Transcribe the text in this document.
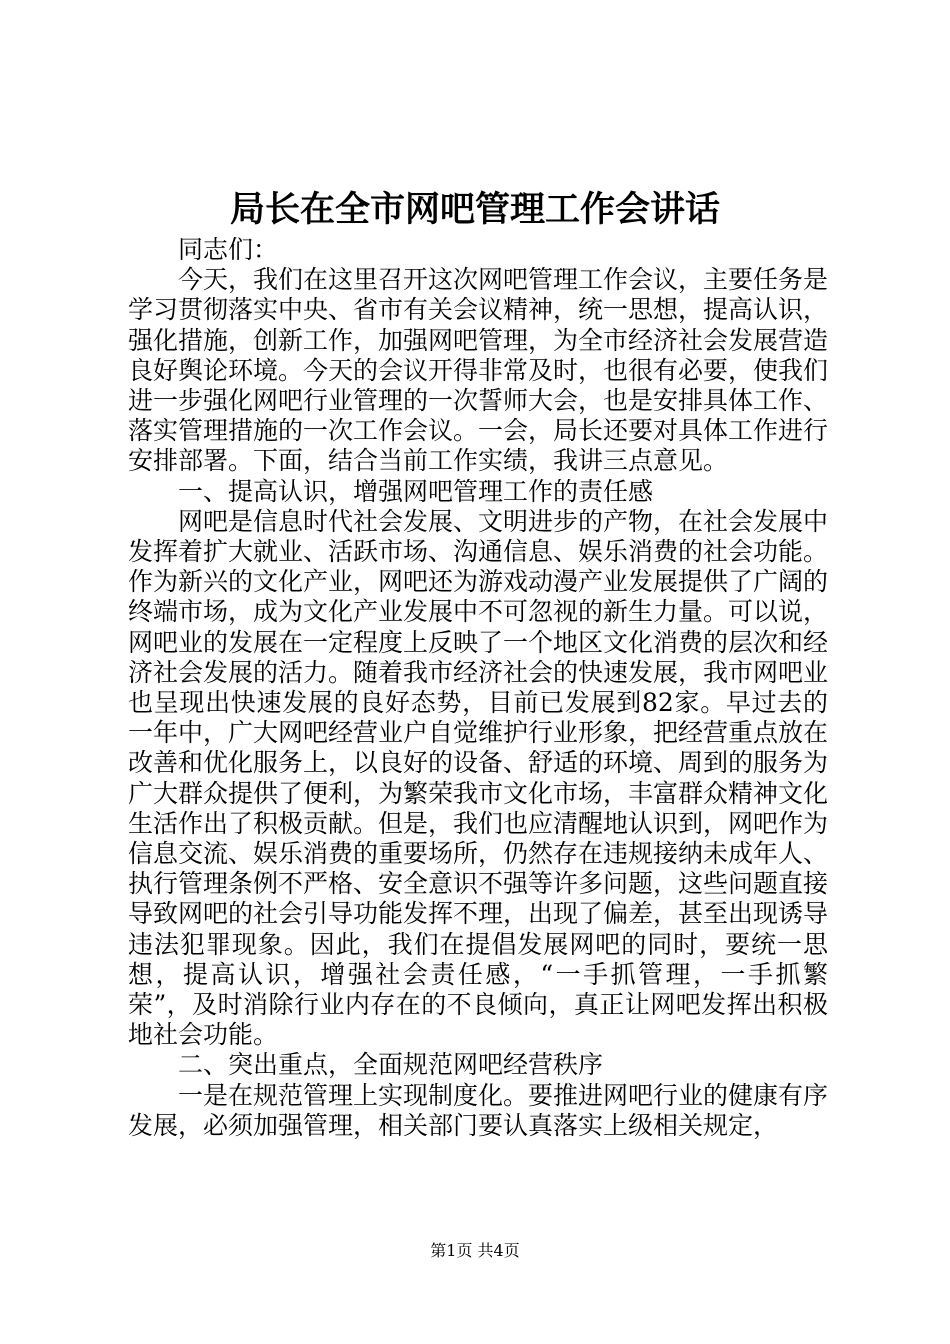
局长在全市网吧管理工作会讲话

同志们：

今天，我们在这里召开这次网吧管理工作会议，主要任务是学习贯彻落实中央、省市有关会议精神，统一思想，提高认识，强化措施，创新工作，加强网吧管理，为全市经济社会发展营造良好舆论环境。今天的会议开得非常及时，也很有必要，使我们进一步强化网吧行业管理的一次誓师大会，也是安排具体工作、落实管理措施的一次工作会议。一会，局长还要对具体工作进行安排部署。下面，结合当前工作实绩，我讲三点意见。

一、提高认识，增强网吧管理工作的责任感

网吧是信息时代社会发展、文明进步的产物，在社会发展中发挥着扩大就业、活跃市场、沟通信息、娱乐消费的社会功能。作为新兴的文化产业，网吧还为游戏动漫产业发展提供了广阔的终端市场，成为文化产业发展中不可忽视的新生力量。可以说，网吧业的发展在一定程度上反映了一个地区文化消费的层次和经济社会发展的活力。随着我市经济社会的快速发展，我市网吧业也呈现出快速发展的良好态势，目前已发展到82家。早过去的一年中，广大网吧经营业户自觉维护行业形象，把经营重点放在改善和优化服务上，以良好的设备、舒适的环境、周到的服务为广大群众提供了便利，为繁荣我市文化市场，丰富群众精神文化生活作出了积极贡献。但是，我们也应清醒地认识到，网吧作为信息交流、娱乐消费的重要场所，仍然存在违规接纳未成年人、执行管理条例不严格、安全意识不强等许多问题，这些问题直接导致网吧的社会引导功能发挥不理，出现了偏差，甚至出现诱导违法犯罪现象。因此，我们在提倡发展网吧的同时，要统一思想，提高认识，增强社会责任感，“一手抓管理，一手抓繁荣”，及时消除行业内存在的不良倾向，真正让网吧发挥出积极地社会功能。

二、突出重点，全面规范网吧经营秩序

一是在规范管理上实现制度化。要推进网吧行业的健康有序发展，必须加强管理，相关部门要认真落实上级相关规定，

第1页 共4页
